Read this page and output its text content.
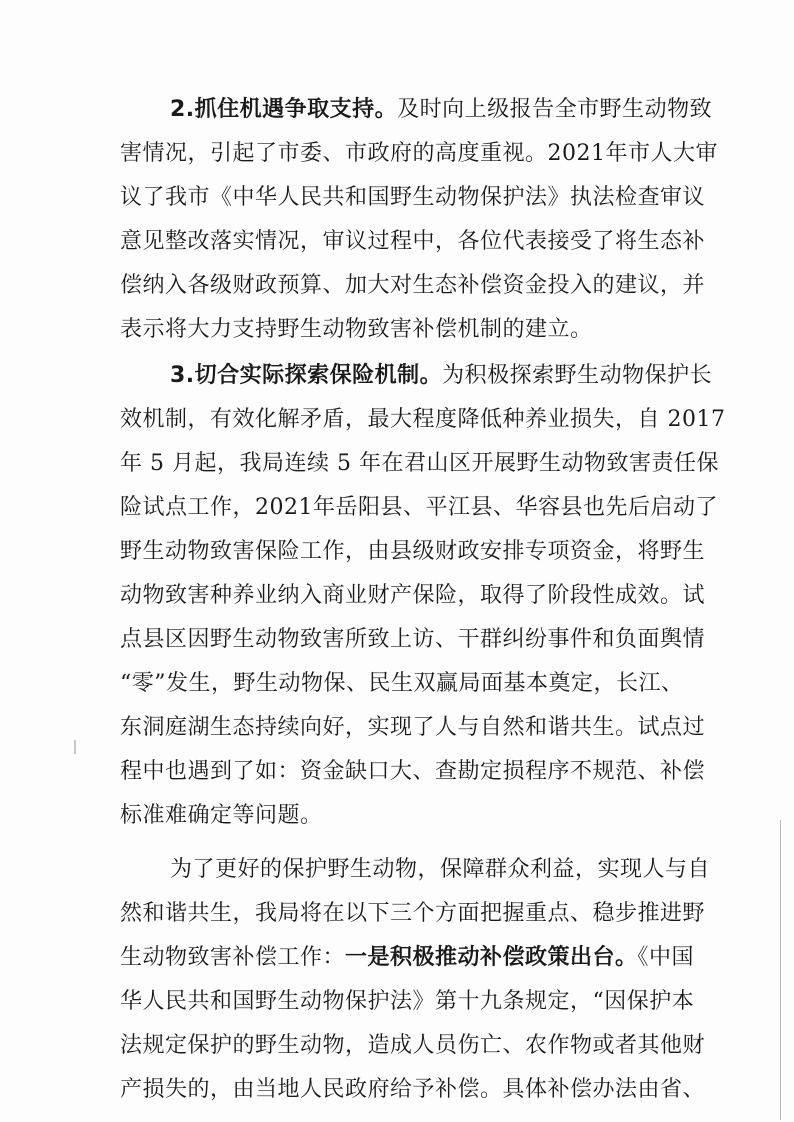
2.抓住机遇争取支持。及时向上级报告全市野生动物致
害情况，引起了市委、市政府的高度重视。2021年市人大审
议了我市《中华人民共和国野生动物保护法》执法检查审议
意见整改落实情况，审议过程中，各位代表接受了将生态补
偿纳入各级财政预算、加大对生态补偿资金投入的建议，并
表示将大力支持野生动物致害补偿机制的建立。
3.切合实际探索保险机制。为积极探索野生动物保护长
效机制，有效化解矛盾，最大程度降低种养业损失，自 2017
年 5 月起，我局连续 5 年在君山区开展野生动物致害责任保
险试点工作，2021年岳阳县、平江县、华容县也先后启动了
野生动物致害保险工作，由县级财政安排专项资金，将野生
动物致害种养业纳入商业财产保险，取得了阶段性成效。试
点县区因野生动物致害所致上访、干群纠纷事件和负面舆情
“零”发生，野生动物保、民生双赢局面基本奠定，长江、
东洞庭湖生态持续向好，实现了人与自然和谐共生。试点过
程中也遇到了如：资金缺口大、查勘定损程序不规范、补偿
标准难确定等问题。
为了更好的保护野生动物，保障群众利益，实现人与自
然和谐共生，我局将在以下三个方面把握重点、稳步推进野
生动物致害补偿工作：一是积极推动补偿政策出台。《中国
华人民共和国野生动物保护法》第十九条规定，“因保护本
法规定保护的野生动物，造成人员伤亡、农作物或者其他财
产损失的，由当地人民政府给予补偿。具体补偿办法由省、
